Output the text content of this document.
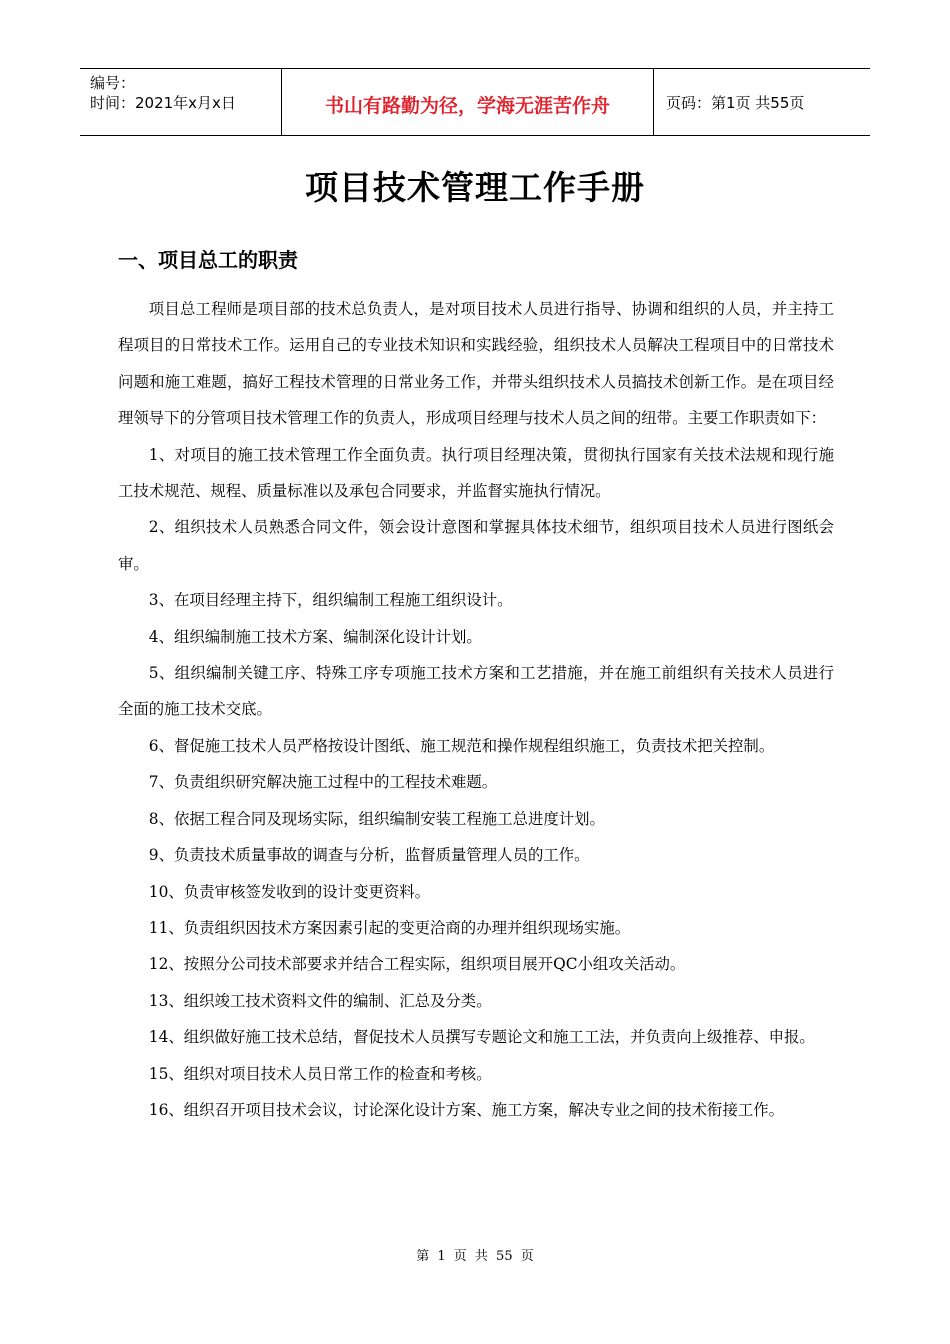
编号：
时间：2021年x月x日	书山有路勤为径，学海无涯苦作舟	页码：第1页 共55页
项目技术管理工作手册
一、项目总工的职责

项目总工程师是项目部的技术总负责人，是对项目技术人员进行指导、协调和组织的人员，并主持工程项目的日常技术工作。运用自己的专业技术知识和实践经验，组织技术人员解决工程项目中的日常技术问题和施工难题，搞好工程技术管理的日常业务工作，并带头组织技术人员搞技术创新工作。是在项目经理领导下的分管项目技术管理工作的负责人，形成项目经理与技术人员之间的纽带。主要工作职责如下：

1、对项目的施工技术管理工作全面负责。执行项目经理决策，贯彻执行国家有关技术法规和现行施工技术规范、规程、质量标准以及承包合同要求，并监督实施执行情况。

2、组织技术人员熟悉合同文件，领会设计意图和掌握具体技术细节，组织项目技术人员进行图纸会审。

3、在项目经理主持下，组织编制工程施工组织设计。

4、组织编制施工技术方案、编制深化设计计划。

5、组织编制关键工序、特殊工序专项施工技术方案和工艺措施，并在施工前组织有关技术人员进行全面的施工技术交底。

6、督促施工技术人员严格按设计图纸、施工规范和操作规程组织施工，负责技术把关控制。

7、负责组织研究解决施工过程中的工程技术难题。

8、依据工程合同及现场实际，组织编制安装工程施工总进度计划。

9、负责技术质量事故的调查与分析，监督质量管理人员的工作。

10、负责审核签发收到的设计变更资料。

11、负责组织因技术方案因素引起的变更洽商的办理并组织现场实施。

12、按照分公司技术部要求并结合工程实际，组织项目展开QC小组攻关活动。

13、组织竣工技术资料文件的编制、汇总及分类。

14、组织做好施工技术总结，督促技术人员撰写专题论文和施工工法，并负责向上级推荐、申报。

15、组织对项目技术人员日常工作的检查和考核。

16、组织召开项目技术会议，讨论深化设计方案、施工方案，解决专业之间的技术衔接工作。

第 1 页 共 55 页
